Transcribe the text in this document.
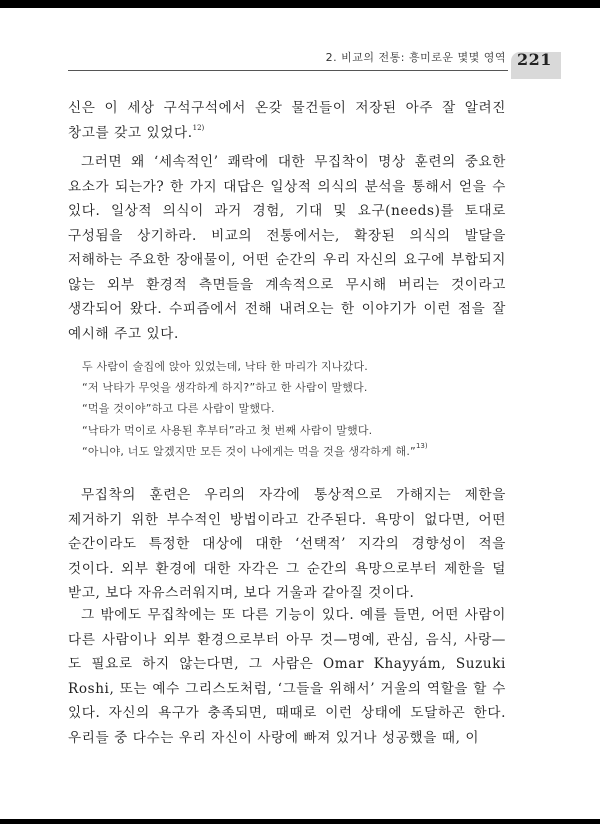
2. 비교의 전통: 흥미로운 몇몇 영역 221
신은 이 세상 구석구석에서 온갖 물건들이 저장된 아주 잘 알려진 창고를 갖고 있었다.$^{12)}$
그러면 왜 ‘세속적인’ 쾌락에 대한 무집착이 명상 훈련의 중요한 요소가 되는가? 한 가지 대답은 일상적 의식의 분석을 통해서 얻을 수 있다. 일상적 의식이 과거 경험, 기대 및 요구(needs)를 토대로 구성됨을 상기하라. 비교의 전통에서는, 확장된 의식의 발달을 저해하는 주요한 장애물이, 어떤 순간의 우리 자신의 요구에 부합되지 않는 외부 환경적 측면들을 계속적으로 무시해 버리는 것이라고 생각되어 왔다. 수피즘에서 전해 내려오는 한 이야기가 이런 점을 잘 예시해 주고 있다.
두 사람이 술집에 앉아 있었는데, 낙타 한 마리가 지나갔다.
“저 낙타가 무엇을 생각하게 하지?”하고 한 사람이 말했다.
“먹을 것이야”하고 다른 사람이 말했다.
“낙타가 먹이로 사용된 후부터”라고 첫 번째 사람이 말했다.
“아니야, 너도 알겠지만 모든 것이 나에게는 먹을 것을 생각하게 해.”$^{13)}$
무집착의 훈련은 우리의 자각에 통상적으로 가해지는 제한을 제거하기 위한 부수적인 방법이라고 간주된다. 욕망이 없다면, 어떤 순간이라도 특정한 대상에 대한 ‘선택적’ 지각의 경향성이 적을 것이다. 외부 환경에 대한 자각은 그 순간의 욕망으로부터 제한을 덜 받고, 보다 자유스러워지며, 보다 거울과 같아질 것이다.
그 밖에도 무집착에는 또 다른 기능이 있다. 예를 들면, 어떤 사람이 다른 사람이나 외부 환경으로부터 아무 것—명예, 관심, 음식, 사랑—도 필요로 하지 않는다면, 그 사람은 Omar Khayyám, Suzuki Roshi, 또는 예수 그리스도처럼, ‘그들을 위해서’ 거울의 역할을 할 수 있다. 자신의 욕구가 충족되면, 때때로 이런 상태에 도달하곤 한다. 우리들 중 다수는 우리 자신이 사랑에 빠져 있거나 성공했을 때, 이
